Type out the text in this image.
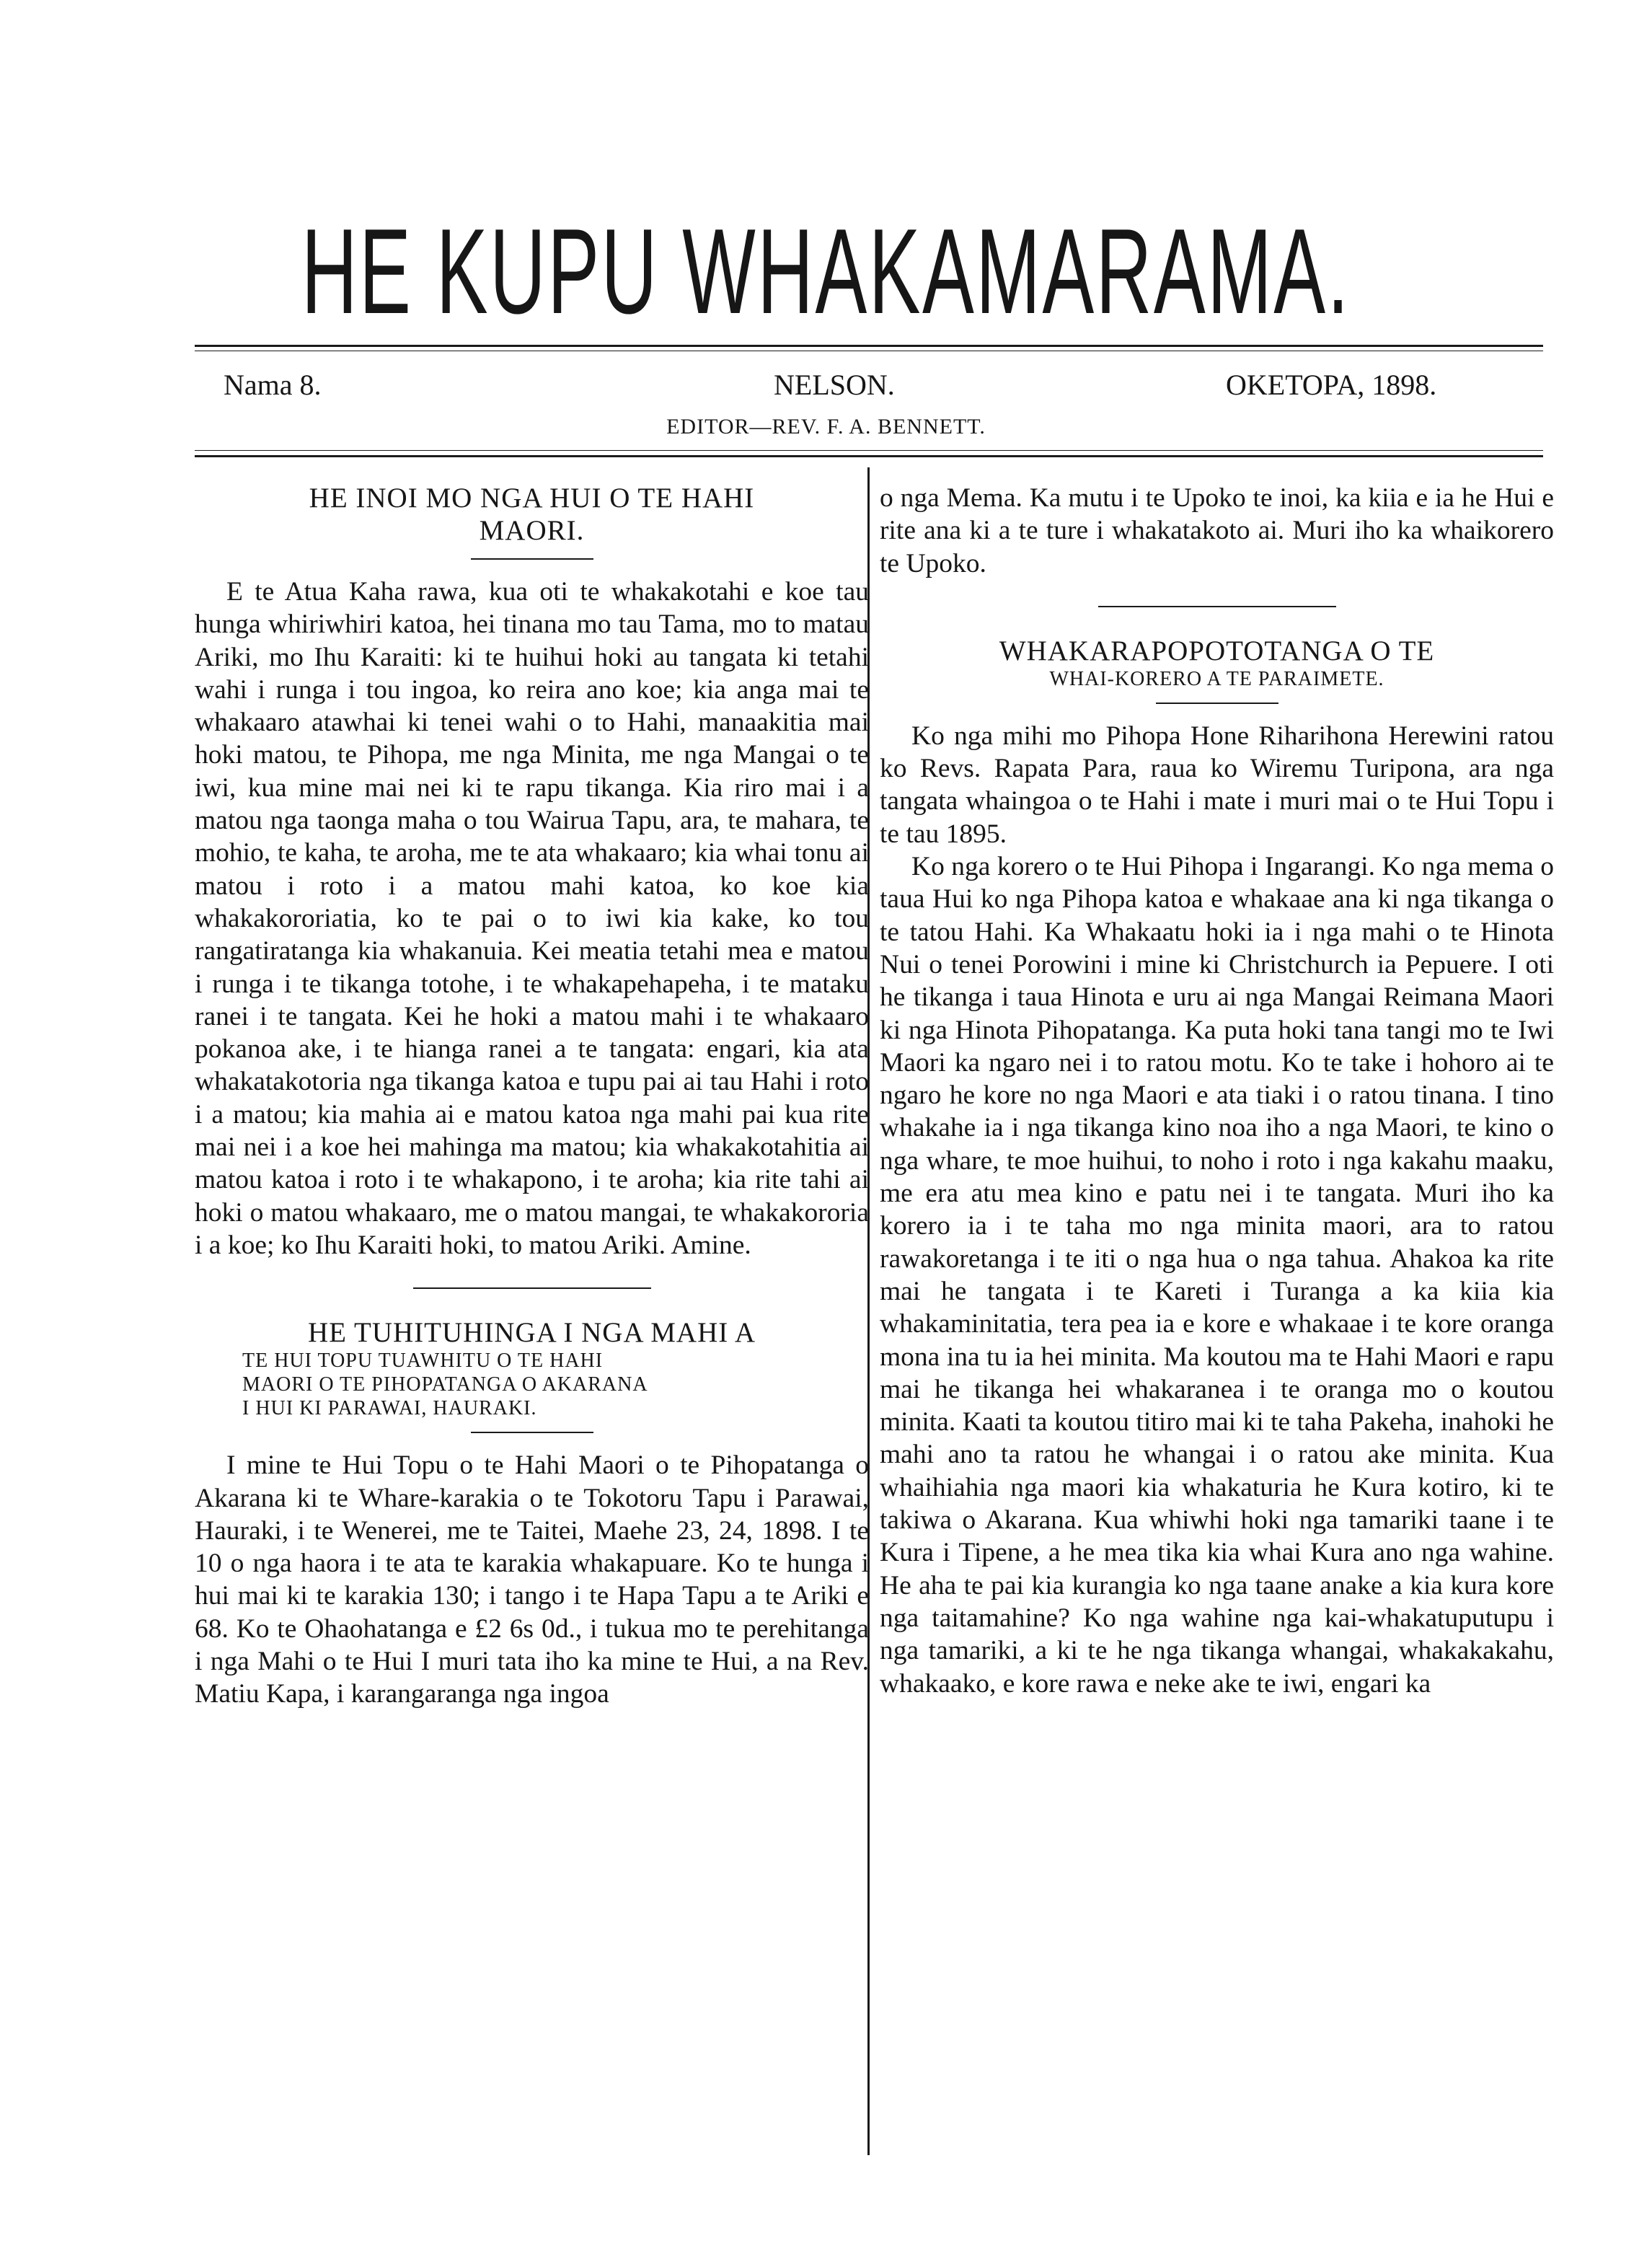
HE KUPU WHAKAMARAMA.
Nama 8.	NELSON.	OKETOPA, 1898.
EDITOR—REV. F. A. BENNETT.

HE INOI MO NGA HUI O TE HAHI

MAORI.

E te Atua Kaha rawa, kua oti te whakakotahi e koe tau hunga whiriwhiri katoa, hei tinana mo tau Tama, mo to matau Ariki, mo Ihu Karaiti: ki te huihui hoki au tangata ki tetahi wahi i runga i tou ingoa, ko reira ano koe; kia anga mai te whakaaro atawhai ki tenei wahi o to Hahi, manaakitia mai hoki matou, te Pihopa, me nga Minita, me nga Mangai o te iwi, kua mine mai nei ki te rapu tikanga. Kia riro mai i a matou nga taonga maha o tou Wairua Tapu, ara, te mahara, te mohio, te kaha, te aroha, me te ata whakaaro; kia whai tonu ai matou i roto i a matou mahi katoa, ko koe kia whakakororiatia, ko te pai o to iwi kia kake, ko tou rangatiratanga kia whakanuia. Kei meatia tetahi mea e matou i runga i te tikanga totohe, i te whakapehapeha, i te mataku ranei i te tangata. Kei he hoki a matou mahi i te whakaaro pokanoa ake, i te hianga ranei a te tangata: engari, kia ata whakatakotoria nga tikanga katoa e tupu pai ai tau Hahi i roto i a matou; kia mahia ai e matou katoa nga mahi pai kua rite mai nei i a koe hei mahinga ma matou; kia whakakotahitia ai matou katoa i roto i te whakapono, i te aroha; kia rite tahi ai hoki o matou whakaaro, me o matou mangai, te whakakororia i a koe; ko Ihu Karaiti hoki, to matou Ariki. Amine.

HE TUHITUHINGA I NGA MAHI A

TE HUI TOPU TUAWHITU O TE HAHI

MAORI O TE PIHOPATANGA O AKARANA

I HUI KI PARAWAI, HAURAKI.

I mine te Hui Topu o te Hahi Maori o te Pihopatanga o Akarana ki te Whare-karakia o te Tokotoru Tapu i Parawai, Hauraki, i te Wenerei, me te Taitei, Maehe 23, 24, 1898. I te 10 o nga haora i te ata te karakia whakapuare. Ko te hunga i hui mai ki te karakia 130; i tango i te Hapa Tapu a te Ariki e 68. Ko te Ohaohatanga e £2 6s 0d., i tukua mo te perehitanga i nga Mahi o te Hui I muri tata iho ka mine te Hui, a na Rev. Matiu Kapa, i karangaranga nga ingoa

o nga Mema. Ka mutu i te Upoko te inoi, ka kiia e ia he Hui e rite ana ki a te ture i whakatakoto ai. Muri iho ka whaikorero te Upoko.

WHAKARAPOPOTOTANGA O TE

WHAI-KORERO A TE PARAIMETE.

Ko nga mihi mo Pihopa Hone Riharihona Herewini ratou ko Revs. Rapata Para, raua ko Wiremu Turipona, ara nga tangata whaingoa o te Hahi i mate i muri mai o te Hui Topu i te tau 1895.

Ko nga korero o te Hui Pihopa i Ingarangi. Ko nga mema o taua Hui ko nga Pihopa katoa e whakaae ana ki nga tikanga o te tatou Hahi. Ka Whakaatu hoki ia i nga mahi o te Hinota Nui o tenei Porowini i mine ki Christchurch ia Pepuere. I oti he tikanga i taua Hinota e uru ai nga Mangai Reimana Maori ki nga Hinota Pihopatanga. Ka puta hoki tana tangi mo te Iwi Maori ka ngaro nei i to ratou motu. Ko te take i hohoro ai te ngaro he kore no nga Maori e ata tiaki i o ratou tinana. I tino whakahe ia i nga tikanga kino noa iho a nga Maori, te kino o nga whare, te moe huihui, to noho i roto i nga kakahu maaku, me era atu mea kino e patu nei i te tangata. Muri iho ka korero ia i te taha mo nga minita maori, ara to ratou rawakoretanga i te iti o nga hua o nga tahua. Ahakoa ka rite mai he tangata i te Kareti i Turanga a ka kiia kia whakaminitatia, tera pea ia e kore e whakaae i te kore oranga mona ina tu ia hei minita. Ma koutou ma te Hahi Maori e rapu mai he tikanga hei whakaranea i te oranga mo o koutou minita. Kaati ta koutou titiro mai ki te taha Pakeha, inahoki he mahi ano ta ratou he whangai i o ratou ake minita. Kua whaihiahia nga maori kia whakaturia he Kura kotiro, ki te takiwa o Akarana. Kua whiwhi hoki nga tamariki taane i te Kura i Tipene, a he mea tika kia whai Kura ano nga wahine. He aha te pai kia kurangia ko nga taane anake a kia kura kore nga taitamahine? Ko nga wahine nga kai-whakatuputupu i nga tamariki, a ki te he nga tikanga whangai, whakakakahu, whakaako, e kore rawa e neke ake te iwi, engari ka
